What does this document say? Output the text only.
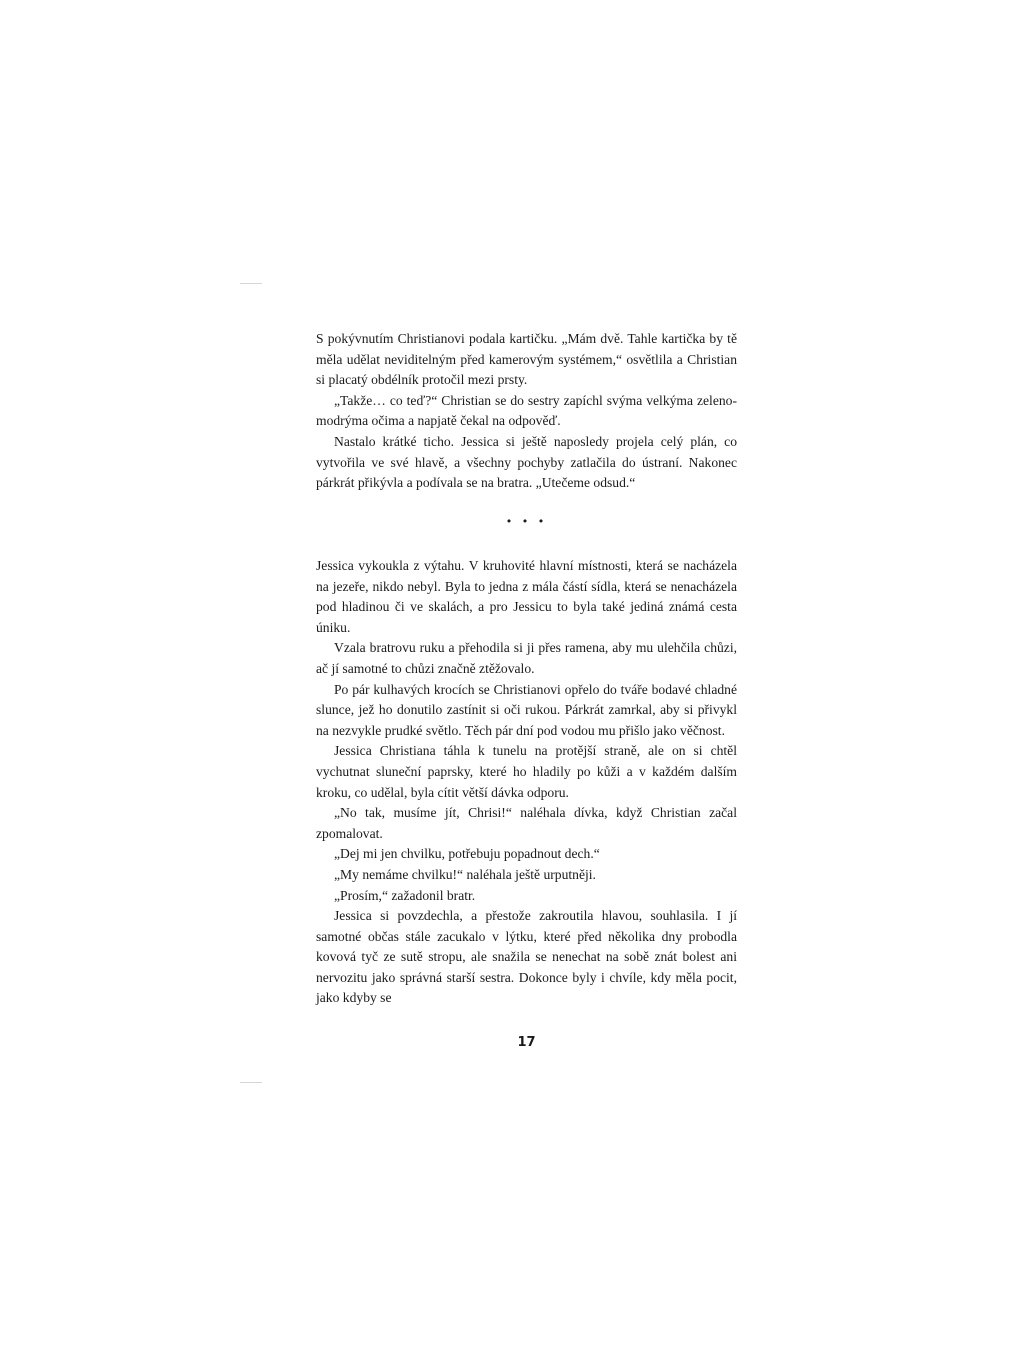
S pokývnutím Christianovi podala kartičku. „Mám dvě. Tahle kartička by tě měla udělat neviditelným před kamerovým systémem,“ osvětlila a Christian si placatý obdélník protočil mezi prsty.

„Takže… co teď?“ Christian se do sestry zapíchl svýma velkýma zelenomodrýma očima a napjatě čekal na odpověď.

Nastalo krátké ticho. Jessica si ještě naposledy projela celý plán, co vytvořila ve své hlavě, a všechny pochyby zatlačila do ústraní. Nakonec párkrát přikývla a podívala se na bratra. „Utečeme odsud.“

• • •

Jessica vykoukla z výtahu. V kruhovité hlavní místnosti, která se nacházela na jezeře, nikdo nebyl. Byla to jedna z mála částí sídla, která se nenacházela pod hladinou či ve skalách, a pro Jessicu to byla také jediná známá cesta úniku.

Vzala bratrovu ruku a přehodila si ji přes ramena, aby mu ulehčila chůzi, ač jí samotné to chůzi značně ztěžovalo.

Po pár kulhavých krocích se Christianovi opřelo do tváře bodavé chladné slunce, jež ho donutilo zastínit si oči rukou. Párkrát zamrkal, aby si přivykl na nezvykle prudké světlo. Těch pár dní pod vodou mu přišlo jako věčnost.

Jessica Christiana táhla k tunelu na protější straně, ale on si chtěl vychutnat sluneční paprsky, které ho hladily po kůži a v každém dalším kroku, co udělal, byla cítit větší dávka odporu.

„No tak, musíme jít, Chrisi!“ naléhala dívka, když Christian začal zpomalovat.

„Dej mi jen chvilku, potřebuju popadnout dech.“

„My nemáme chvilku!“ naléhala ještě urputněji.

„Prosím,“ zažadonil bratr.

Jessica si povzdechla, a přestože zakroutila hlavou, souhlasila. I jí samotné občas stále zacukalo v lýtku, které před několika dny probodla kovová tyč ze sutě stropu, ale snažila se nenechat na sobě znát bolest ani nervozitu jako správná starší sestra. Dokonce byly i chvíle, kdy měla pocit, jako kdyby se

17
